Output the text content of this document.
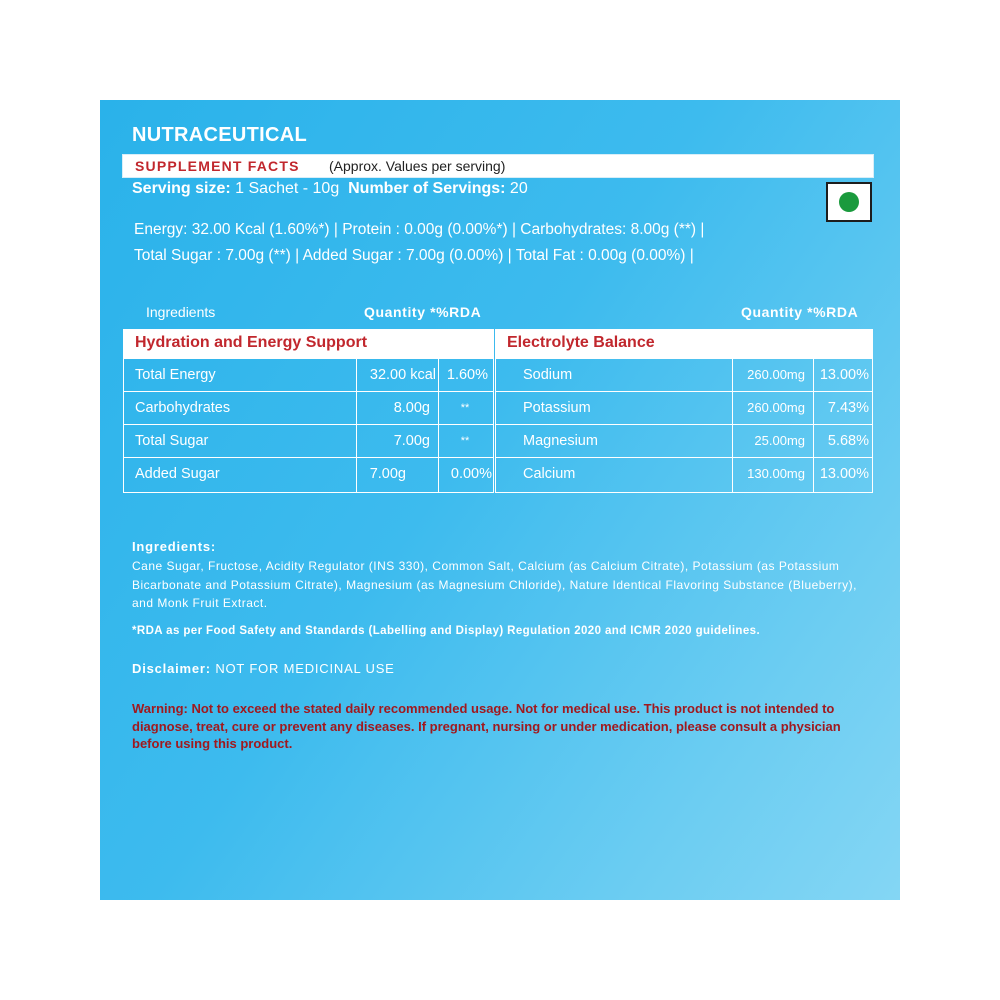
NUTRACEUTICAL
SUPPLEMENT FACTS (Approx. Values per serving)
Serving size: 1 Sachet - 10g Number of Servings: 20
Energy: 32.00 Kcal (1.60%*) | Protein : 0.00g (0.00%*) | Carbohydrates: 8.00g (**) |
Total Sugar : 7.00g (**) | Added Sugar : 7.00g (0.00%) | Total Fat : 0.00g (0.00%) |
Ingredients	Quantity *%RDA	Quantity *%RDA
Hydration and Energy Support
Total Energy	32.00 kcal 1.60%
Carbohydrates	8.00g	**
Total Sugar	7.00g	**
Added Sugar	7.00g	0.00%
Electrolyte Balance
Sodium	260.00mg	13.00%
Potassium	260.00mg	7.43%
Magnesium	25.00mg	5.68%
Calcium	130.00mg	13.00%
Ingredients:
Cane Sugar, Fructose, Acidity Regulator (INS 330), Common Salt, Calcium (as Calcium Citrate), Potassium (as Potassium Bicarbonate and Potassium Citrate), Magnesium (as Magnesium Chloride), Nature Identical Flavoring Substance (Blueberry), and Monk Fruit Extract.
*RDA as per Food Safety and Standards (Labelling and Display) Regulation 2020 and ICMR 2020 guidelines.
Disclaimer: NOT FOR MEDICINAL USE
Warning: Not to exceed the stated daily recommended usage. Not for medical use. This product is not intended to diagnose, treat, cure or prevent any diseases. If pregnant, nursing or under medication, please consult a physician before using this product.
